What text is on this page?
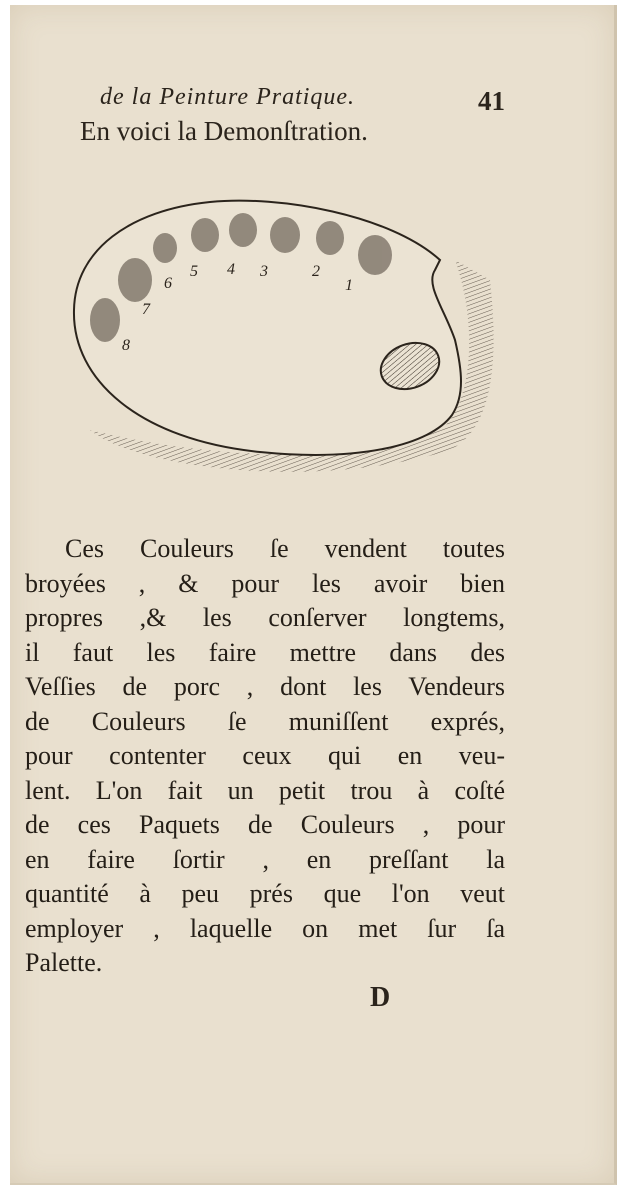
de la Peinture Pratique.	41
En voici la Demonſtration.
1
2
3
4
5
6
7
8
Ces Couleurs ſe vendent toutes
broyées , & pour les avoir bien
propres ,& les conſerver longtems,
il faut les faire mettre dans des
Veſſies de porc , dont les Vendeurs
de Couleurs ſe muniſſent exprés,
pour contenter ceux qui en veu-
lent. L'on fait un petit trou à coſté
de ces Paquets de Couleurs , pour
en faire ſortir , en preſſant la
quantité à peu prés que l'on veut
employer , laquelle on met ſur ſa
Palette.
D
